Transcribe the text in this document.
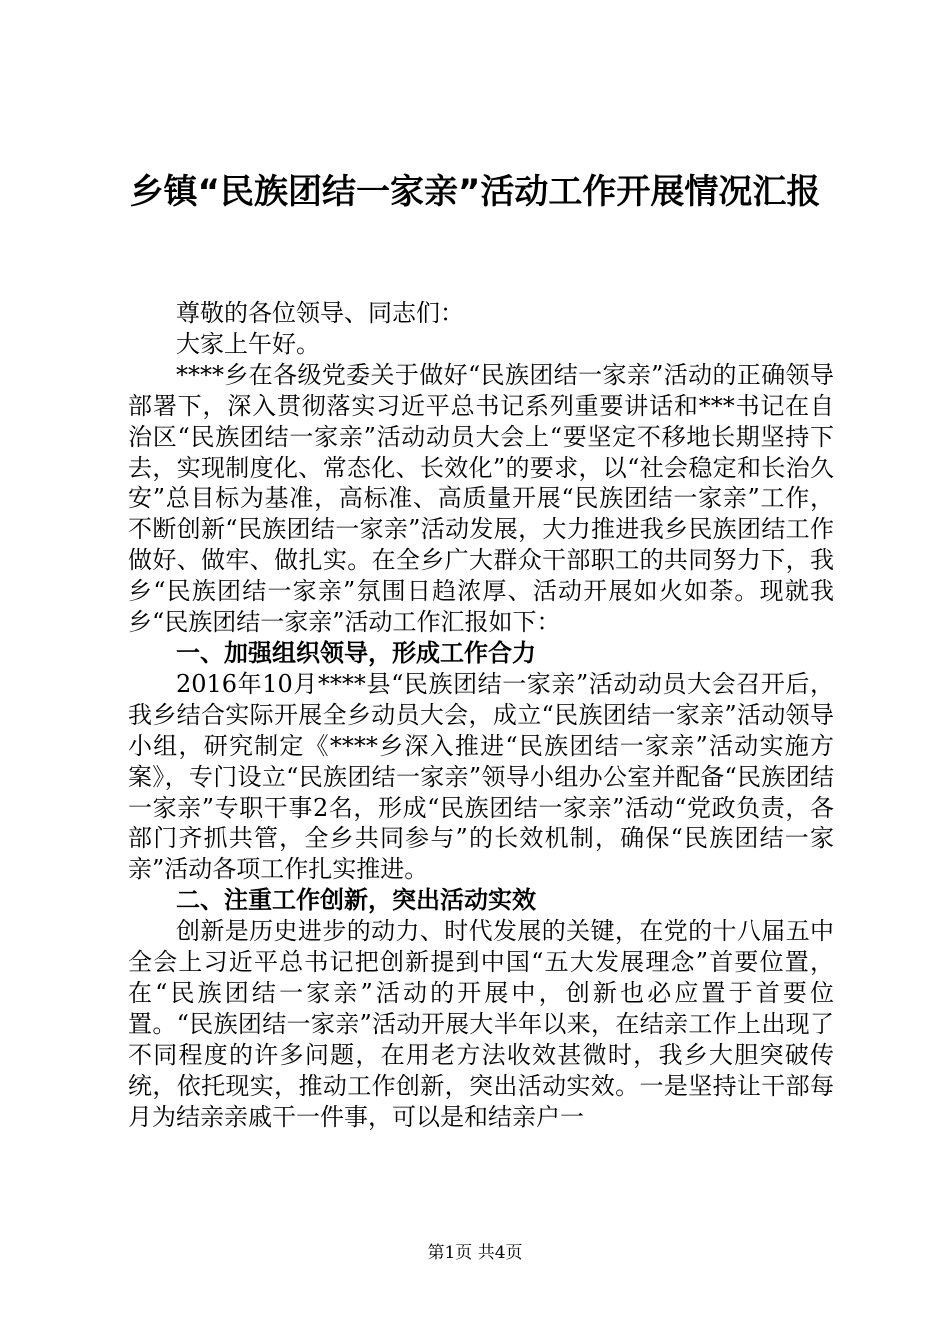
乡镇“民族团结一家亲”活动工作开展情况汇报

尊敬的各位领导、同志们：

大家上午好。

****乡在各级党委关于做好“民族团结一家亲”活动的正确领导部署下，深入贯彻落实习近平总书记系列重要讲话和***书记在自治区“民族团结一家亲”活动动员大会上“要坚定不移地长期坚持下去，实现制度化、常态化、长效化”的要求，以“社会稳定和长治久安”总目标为基准，高标准、高质量开展“民族团结一家亲”工作，不断创新“民族团结一家亲”活动发展，大力推进我乡民族团结工作做好、做牢、做扎实。在全乡广大群众干部职工的共同努力下，我乡“民族团结一家亲”氛围日趋浓厚、活动开展如火如荼。现就我乡“民族团结一家亲”活动工作汇报如下：

一、加强组织领导，形成工作合力

2016年10月****县“民族团结一家亲”活动动员大会召开后，我乡结合实际开展全乡动员大会，成立“民族团结一家亲”活动领导小组，研究制定《****乡深入推进“民族团结一家亲”活动实施方案》，专门设立“民族团结一家亲”领导小组办公室并配备“民族团结一家亲”专职干事2名，形成“民族团结一家亲”活动“党政负责，各部门齐抓共管，全乡共同参与”的长效机制，确保“民族团结一家亲”活动各项工作扎实推进。

二、注重工作创新，突出活动实效

创新是历史进步的动力、时代发展的关键，在党的十八届五中全会上习近平总书记把创新提到中国“五大发展理念”首要位置，在“民族团结一家亲”活动的开展中，创新也必应置于首要位置。“民族团结一家亲”活动开展大半年以来，在结亲工作上出现了不同程度的许多问题，在用老方法收效甚微时，我乡大胆突破传统，依托现实，推动工作创新，突出活动实效。一是坚持让干部每月为结亲亲戚干一件事，可以是和结亲户一

第1页 共4页
